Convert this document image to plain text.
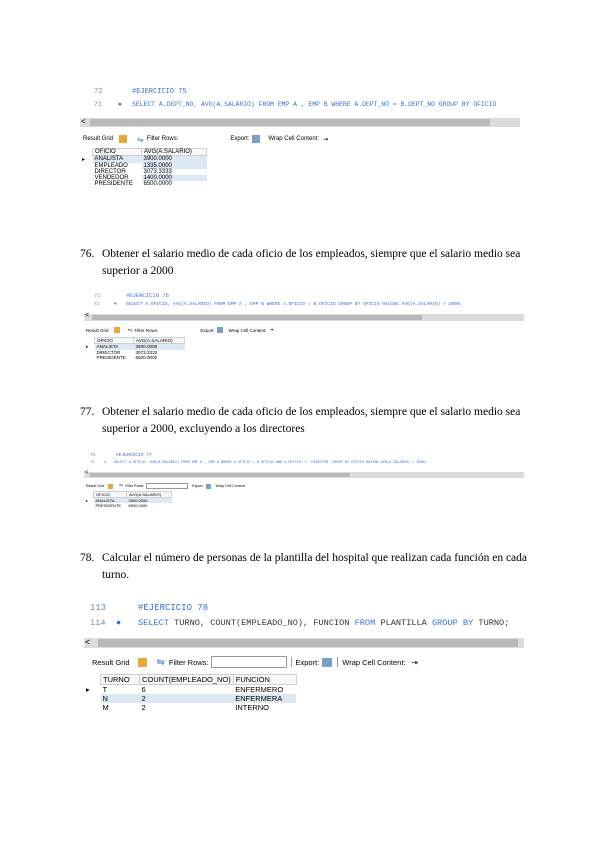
72	#EJERCICIO 75
73	● SELECT A.DEPT_NO, AVG(A.SALARIO) FROM EMP A , EMP B WHERE A.DEPT_NO = B.DEPT_NO GROUP BY OFICIO
<
Result Grid	⇋ Filter Rows:	Export:	Wrap Cell Content: ⇥
	OFICIO	AVG(A.SALARIO)
▸	ANALISTA	3900.0000
	EMPLEADO	1335.0000
	DIRECTOR	3073.3333
	VENDEDOR	1400.0000
	PRESIDENTE	6500.0000
76. Obtener el salario medio de cada oficio de los empleados, siempre que el salario medio sea superior a 2000
71	#EJERCICIO 76
72	● SELECT A.OFICIO, AVG(A.SALARIO) FROM EMP A , EMP B WHERE A.OFICIO = B.OFICIO GROUP BY OFICIO HAVING AVG(A.SALARIO) > 2000;
<
Result Grid	⇋ Filter Rows:	Export:	Wrap Cell Content: ⇥
	OFICIO	AVG(A.SALARIO)
▸	ANALISTA	3900.0000
	DIRECTOR	3073.3333
	PRESIDENTE	6500.0000
77. Obtener el salario medio de cada oficio de los empleados, siempre que el salario medio sea superior a 2000, excluyendo a los directores
75	#EJERCICIO 77
76	● SELECT A.OFICIO, AVG(A.SALARIO) FROM EMP A , EMP B WHERE A.OFICIO = B.OFICIO AND A.OFICIO != 'DIRECTOR' GROUP BY OFICIO HAVING AVG(A.SALARIO) > 2000;
<
Result Grid	⇋ Filter Rows:	Export:	Wrap Cell Content:
	OFICIO	AVG(A.SALARIO)
▸	ANALISTA	3900.0000
	PRESIDENTE	6500.0000
78. Calcular el número de personas de la plantilla del hospital que realizan cada función en cada turno.
113	#EJERCICIO 78
114 ● SELECT TURNO, COUNT(EMPLEADO_NO), FUNCION FROM PLANTILLA GROUP BY TURNO;
<
Result Grid	⇋ Filter Rows:	Export:	Wrap Cell Content: ⇥
	TURNO	COUNT(EMPLEADO_NO)	FUNCION
▸	T	6	ENFERMERO
	N	2	ENFERMERA
	M	2	INTERNO
